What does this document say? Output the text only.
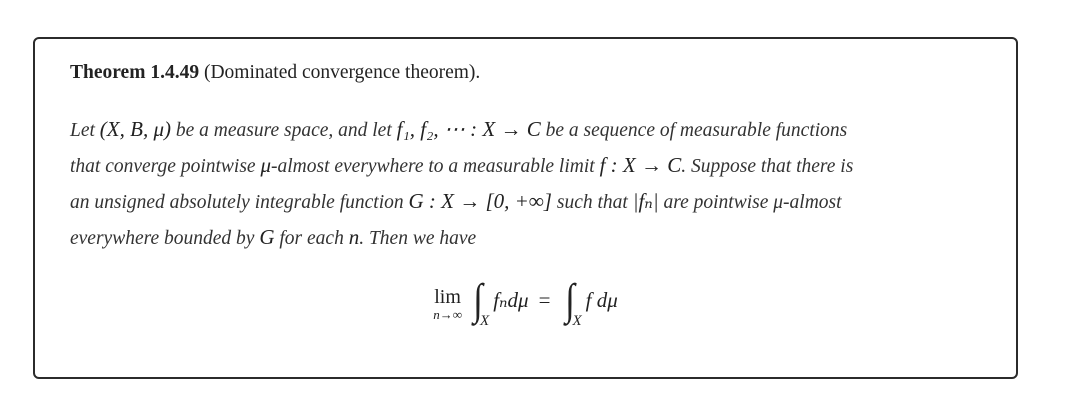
Theorem 1.4.49 (Dominated convergence theorem).
Let (X, B, μ) be a measure space, and let f₁, f₂, ⋯ : X → C be a sequence of measurable functions
that converge pointwise μ-almost everywhere to a measurable limit f : X → C. Suppose that there is
an unsigned absolutely integrable function G : X → [0, +∞] such that |fₙ| are pointwise μ-almost
everywhere bounded by G for each n. Then we have
lim
n→∞ ∫
X
fₙdμ = ∫
X
f dμ
